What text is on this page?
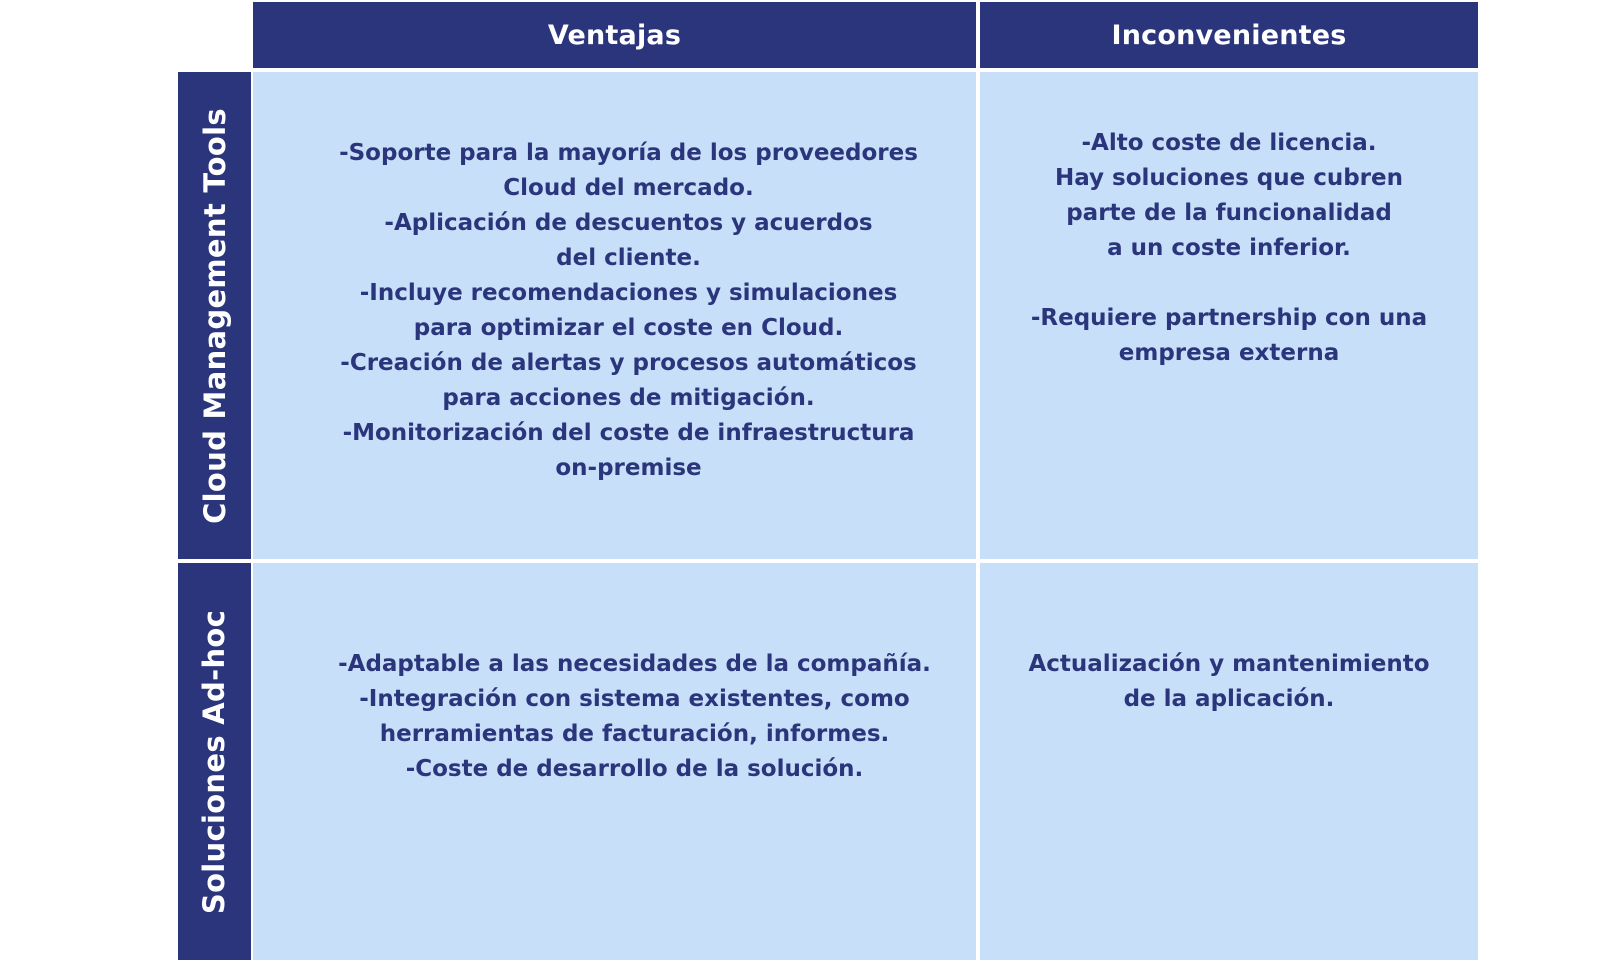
Ventajas	Inconvenientes
Cloud Management Tools
Soluciones Ad-hoc
-Soporte para la mayoría de los proveedores
Cloud del mercado.
-Aplicación de descuentos y acuerdos
del cliente.
-Incluye recomendaciones y simulaciones
para optimizar el coste en Cloud.
-Creación de alertas y procesos automáticos
para acciones de mitigación.
-Monitorización del coste de infraestructura
on-premise
-Alto coste de licencia.
Hay soluciones que cubren
parte de la funcionalidad
a un coste inferior.
-Requiere partnership con una
empresa externa
-Adaptable a las necesidades de la compañía.
-Integración con sistema existentes, como
herramientas de facturación, informes.
-Coste de desarrollo de la solución.
Actualización y mantenimiento
de la aplicación.
